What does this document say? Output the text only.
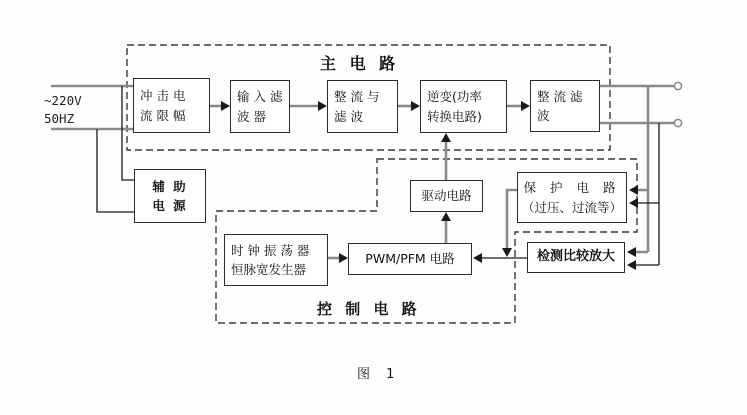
主 电 路
控 制 电 路
~220V
50HZ
冲 击 电
流 限 幅
输 入 滤
波 器
整 流 与
滤 波
逆变(功率
转换电路)
整 流 滤
波
辅 助
电 源
驱动电路
时 钟 振 荡 器
恒脉宽发生器
PWM/PFM 电路
保 护 电 路
（过压、过流等）
检测比较放大
图 1
